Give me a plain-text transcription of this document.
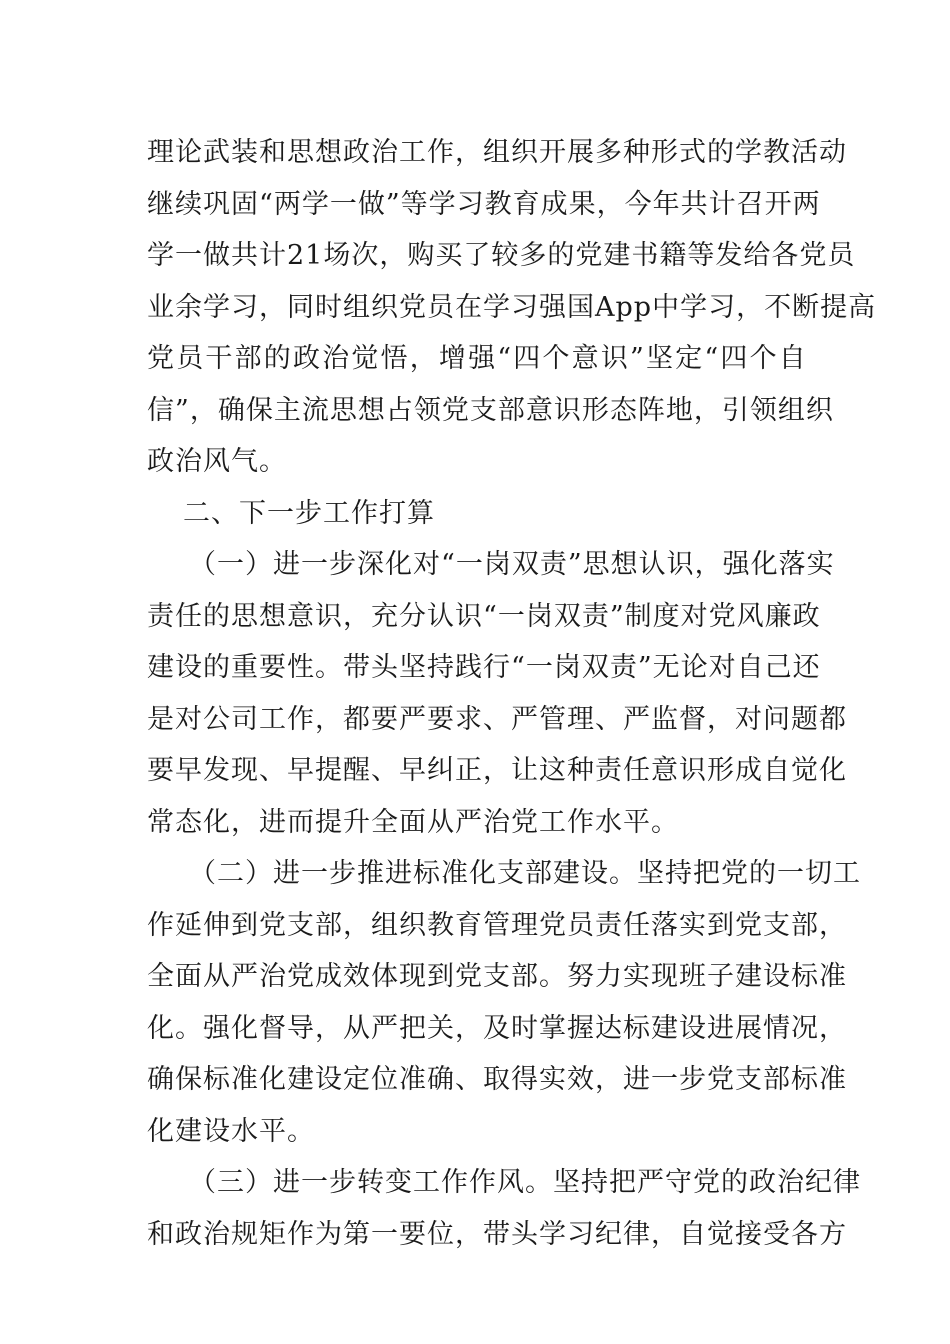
理 论 武 装 和 思 想 政 治 工 作 ， 组 织 开 展 多 种 形 式 的 学 教 活 动
继 续 巩 固 “ 两 学 一 做 ” 等 学 习 教 育 成 果 ， 今 年 共 计 召 开 两
学 一 做 共 计 21 场 次 ， 购 买 了 较 多 的 党 建 书 籍 等 发 给 各 党 员
业 余 学 习 ， 同 时 组 织 党 员 在 学 习 强 国 App 中 学 习 ， 不 断 提 高
党 员 干 部 的 政 治 觉 悟 ， 增 强 “ 四 个 意 识 ” 坚 定 “ 四 个 自
信 ” ， 确 保 主 流 思 想 占 领 党 支 部 意 识 形 态 阵 地 ， 引 领 组 织
政治风气。
二、下一步工作打算
（ 一 ） 进 一 步 深 化 对 “ 一 岗 双 责 ” 思 想 认 识 ， 强 化 落 实
责 任 的 思 想 意 识 ， 充 分 认 识 “ 一 岗 双 责 ” 制 度 对 党 风 廉 政
建 设 的 重 要 性 。 带 头 坚 持 践 行 “ 一 岗 双 责 ” 无 论 对 自 己 还
是 对 公 司 工 作 ， 都 要 严 要 求 、 严 管 理 、 严 监 督 ， 对 问 题 都
要 早 发 现 、 早 提 醒 、 早 纠 正 ， 让 这 种 责 任 意 识 形 成 自 觉 化
常态化，进而提升全面从严治党工作水平。
（ 二 ） 进 一 步 推 进 标 准 化 支 部 建 设 。 坚 持 把 党 的 一 切 工
作 延 伸 到 党 支 部 ， 组 织 教 育 管 理 党 员 责 任 落 实 到 党 支 部 ，
全 面 从 严 治 党 成 效 体 现 到 党 支 部 。 努 力 实 现 班 子 建 设 标 准
化 。 强 化 督 导 ， 从 严 把 关 ， 及 时 掌 握 达 标 建 设 进 展 情 况 ，
确 保 标 准 化 建 设 定 位 准 确 、 取 得 实 效 ， 进 一 步 党 支 部 标 准
化建设水平。
（ 三 ） 进 一 步 转 变 工 作 作 风 。 坚 持 把 严 守 党 的 政 治 纪 律
和 政 治 规 矩 作 为 第 一 要 位 ， 带 头 学 习 纪 律 ， 自 觉 接 受 各 方
